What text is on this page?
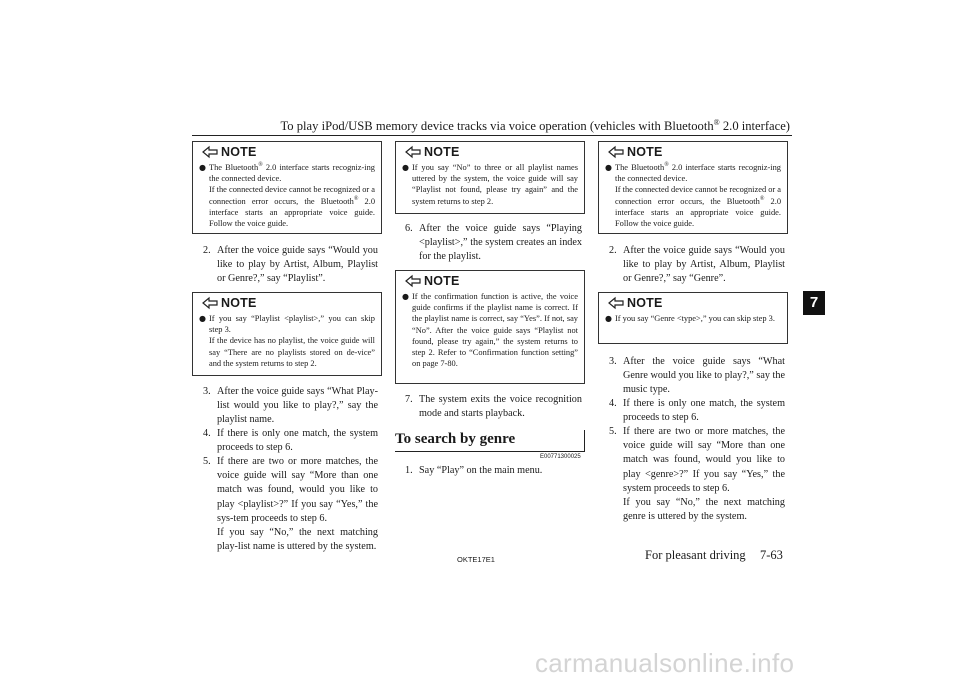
To play iPod/USB memory device tracks via voice operation (vehicles with Bluetooth® 2.0 interface)
7
NOTE
● The Bluetooth® 2.0 interface starts recogniz-ing the connected device.

If the connected device cannot be recognized or a connection error occurs, the Bluetooth® 2.0 interface starts an appropriate voice guide. Follow the voice guide.

2. After the voice guide says “Would you like to play by Artist, Album, Playlist or Genre?,” say “Playlist”.

NOTE
● If you say “Playlist <playlist>,” you can skip step 3.

If the device has no playlist, the voice guide will say “There are no playlists stored on de-vice” and the system returns to step 2.

3. After the voice guide says “What Play-list would you like to play?,” say the playlist name.

4. If there is only one match, the system proceeds to step 6.

5. If there are two or more matches, the voice guide will say “More than one match was found, would you like to play <playlist>?” If you say “Yes,” the sys-tem proceeds to step 6.

If you say “No,” the next matching play-list name is uttered by the system.

NOTE
● If you say “No” to three or all playlist names uttered by the system, the voice guide will say “Playlist not found, please try again” and the system returns to step 2.

6. After the voice guide says “Playing <playlist>,” the system creates an index for the playlist.

NOTE
● If the confirmation function is active, the voice guide confirms if the playlist name is correct. If the playlist name is correct, say “Yes”. If not, say “No”. After the voice guide says “Playlist not found, please try again,” the system returns to step 2. Refer to “Confirmation function setting” on page 7-80.

7. The system exits the voice recognition mode and starts playback.

To search by genre
E00771300025
1. Say “Play” on the main menu.

NOTE
● The Bluetooth® 2.0 interface starts recogniz-ing the connected device.

If the connected device cannot be recognized or a connection error occurs, the Bluetooth® 2.0 interface starts an appropriate voice guide. Follow the voice guide.

2. After the voice guide says “Would you like to play by Artist, Album, Playlist or Genre?,” say “Genre”.

NOTE
● If you say “Genre <type>,” you can skip step 3.

3. After the voice guide says “What Genre would you like to play?,” say the music type.

4. If there is only one match, the system proceeds to step 6.

5. If there are two or more matches, the voice guide will say “More than one match was found, would you like to play <genre>?” If you say “Yes,” the system proceeds to step 6.

If you say “No,” the next matching genre is uttered by the system.

OKTE17E1	For pleasant driving 7-63
carmanualsonline.info
